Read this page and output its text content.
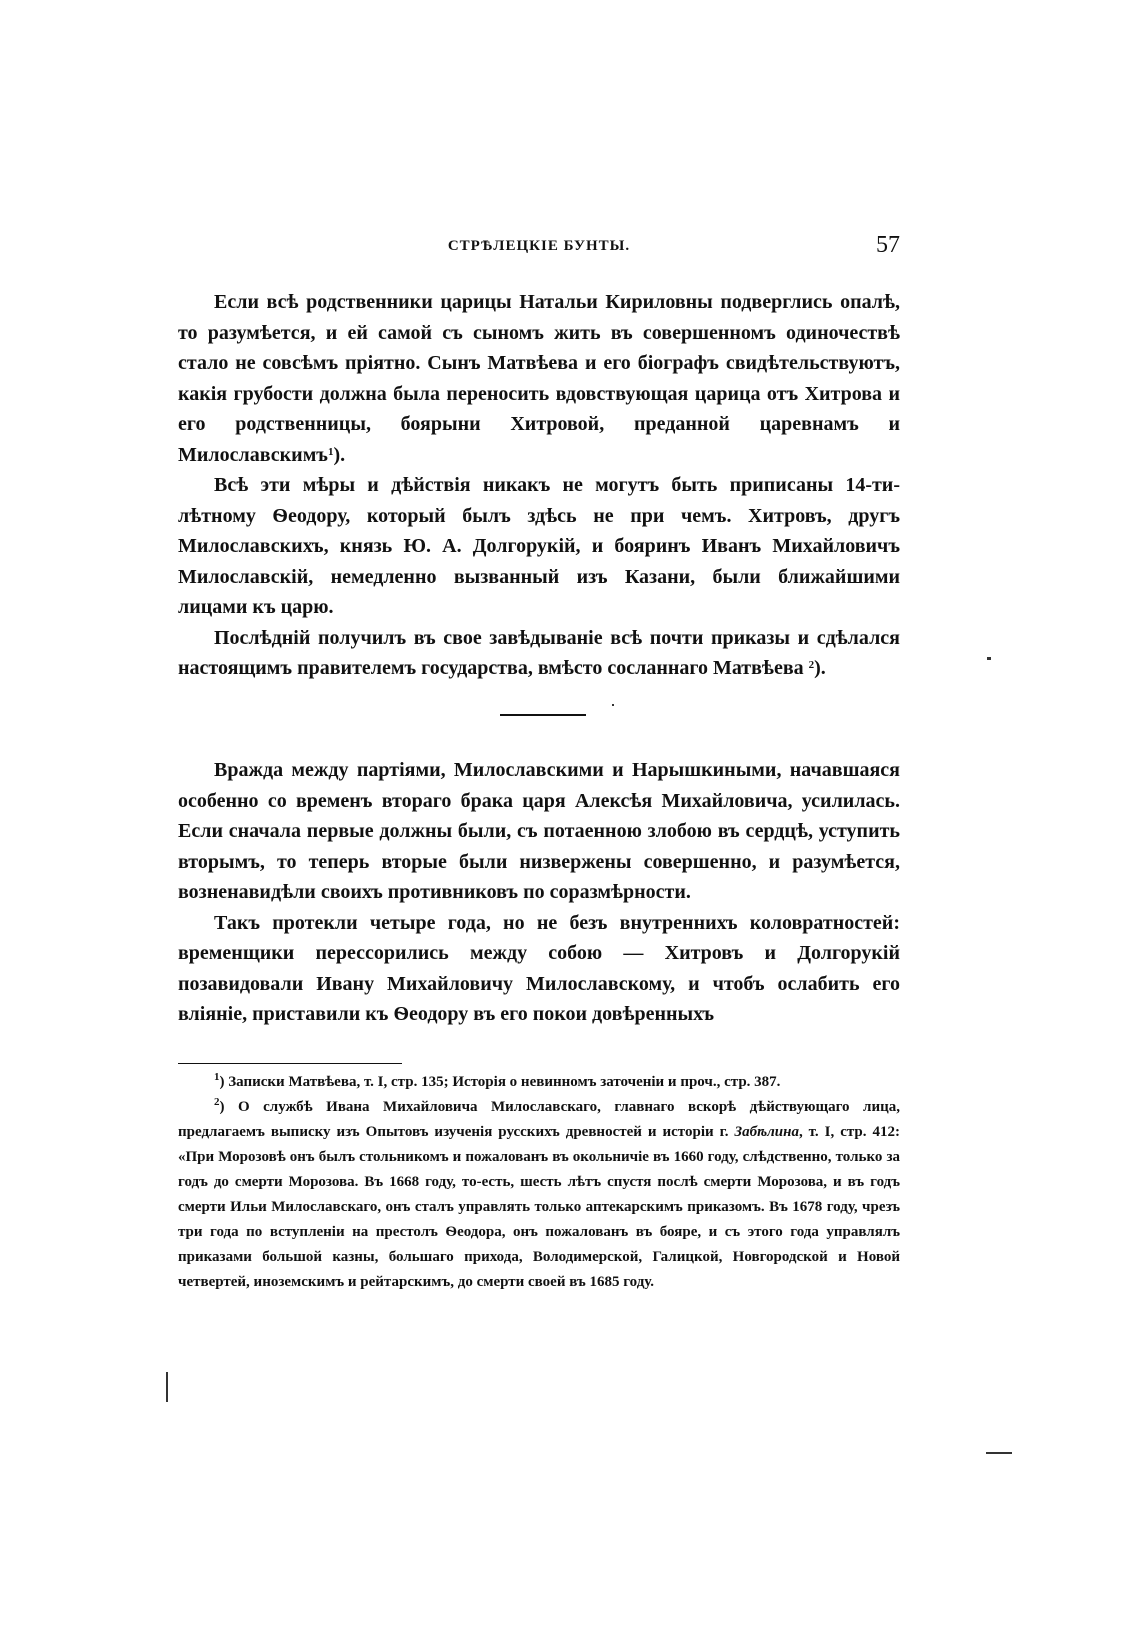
СТРѢЛЕЦКІЕ БУНТЫ.	57

Если всѣ родственники царицы Натальи Кириловны подверглись опалѣ, то разумѣется, и ей самой съ сыномъ жить въ совершенномъ одиночествѣ стало не совсѣмъ пріятно. Сынъ Матвѣева и его біографъ свидѣтельствуютъ, какія грубости должна была переносить вдовствующая царица отъ Хитрова и его родственницы, боярыни Хитровой, преданной царевнамъ и Милославскимъ$^1$).

Всѣ эти мѣры и дѣйствія никакъ не могутъ быть приписаны 14-ти-лѣтному Ѳеодору, который былъ здѣсь не при чемъ. Хитровъ, другъ Милославскихъ, князь Ю. А. Долгорукій, и бояринъ Иванъ Михайловичъ Милославскій, немедленно вызванный изъ Казани, были ближайшими лицами къ царю.

Послѣдній получилъ въ свое завѣдываніе всѣ почти приказы и сдѣлался настоящимъ правителемъ государства, вмѣсто сосланнаго Матвѣева $^2$).

Вражда между партіями, Милославскими и Нарышкиными, начавшаяся особенно со временъ втораго брака царя Алексѣя Михайловича, усилилась. Если сначала первые должны были, съ потаенною злобою въ сердцѣ, уступить вторымъ, то теперь вторые были низвержены совершенно, и разумѣется, возненавидѣли своихъ противниковъ по соразмѣрности.

Такъ протекли четыре года, но не безъ внутреннихъ коловратностей: временщики перессорились между собою — Хитровъ и Долгорукій позавидовали Ивану Михайловичу Милославскому, и чтобъ ослабить его вліяніе, приставили къ Ѳеодору въ его покои довѣренныхъ

$^1$) Записки Матвѣева, т. I, стр. 135; Исторія о невинномъ заточеніи и проч., стр. 387.

$^2$) О службѣ Ивана Михайловича Милославскаго, главнаго вскорѣ дѣйствующаго лица, предлагаемъ выписку изъ Опытовъ изученія русскихъ древностей и исторіи г. Забѣлина, т. I, стр. 412: «При Морозовѣ онъ былъ стольникомъ и пожалованъ въ окольничіе въ 1660 году, слѣдственно, только за годъ до смерти Морозова. Въ 1668 году, то-есть, шесть лѣтъ спустя послѣ смерти Морозова, и въ годъ смерти Ильи Милославскаго, онъ сталъ управлять только аптекарскимъ приказомъ. Въ 1678 году, чрезъ три года по вступленіи на престолъ Ѳеодора, онъ пожалованъ въ бояре, и съ этого года управлялъ приказами большой казны, большаго прихода, Володимерской, Галицкой, Новгородской и Новой четвертей, иноземскимъ и рейтарскимъ, до смерти своей въ 1685 году.
